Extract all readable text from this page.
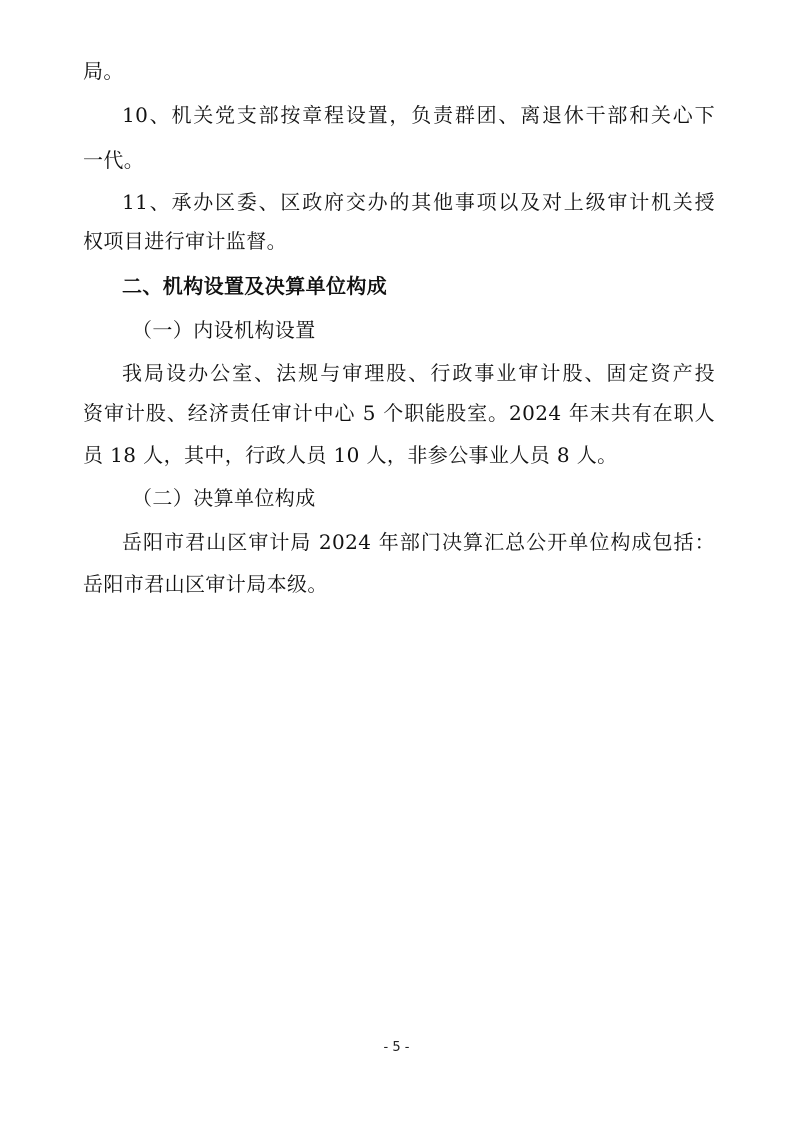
局。
10、机关党支部按章程设置，负责群团、离退休干部和关心下
一代。
11、承办区委、区政府交办的其他事项以及对上级审计机关授
权项目进行审计监督。
二、机构设置及决算单位构成
（一）内设机构设置
我局设办公室、法规与审理股、行政事业审计股、固定资产投
资审计股、经济责任审计中心 5 个职能股室。2024 年末共有在职人
员 18 人，其中，行政人员 10 人，非参公事业人员 8 人。
（二）决算单位构成
岳阳市君山区审计局 2024 年部门决算汇总公开单位构成包括：
岳阳市君山区审计局本级。
- 5 -
